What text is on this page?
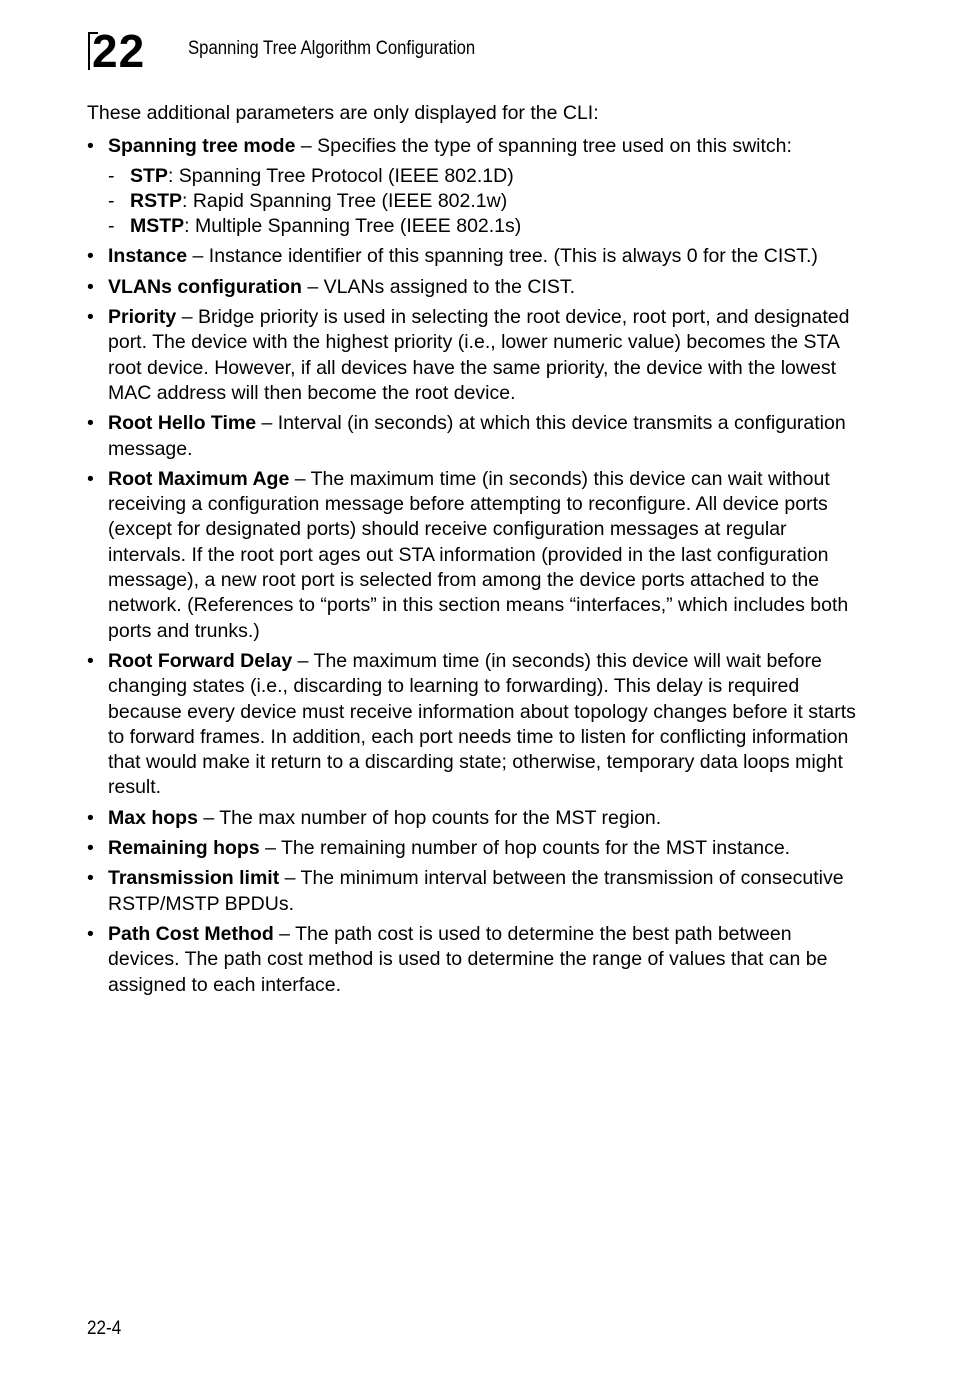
22 Spanning Tree Algorithm Configuration

These additional parameters are only displayed for the CLI:

• Spanning tree mode – Specifies the type of spanning tree used on this switch:
- STP: Spanning Tree Protocol (IEEE 802.1D)
- RSTP: Rapid Spanning Tree (IEEE 802.1w)
- MSTP: Multiple Spanning Tree (IEEE 802.1s)
• Instance – Instance identifier of this spanning tree. (This is always 0 for the CIST.)
• VLANs configuration – VLANs assigned to the CIST.
• Priority – Bridge priority is used in selecting the root device, root port, and designated port. The device with the highest priority (i.e., lower numeric value) becomes the STA root device. However, if all devices have the same priority, the device with the lowest MAC address will then become the root device.
• Root Hello Time – Interval (in seconds) at which this device transmits a configuration message.
• Root Maximum Age – The maximum time (in seconds) this device can wait without receiving a configuration message before attempting to reconfigure. All device ports (except for designated ports) should receive configuration messages at regular intervals. If the root port ages out STA information (provided in the last configuration message), a new root port is selected from among the device ports attached to the network. (References to “ports” in this section means “interfaces,” which includes both ports and trunks.)
• Root Forward Delay – The maximum time (in seconds) this device will wait before changing states (i.e., discarding to learning to forwarding). This delay is required because every device must receive information about topology changes before it starts to forward frames. In addition, each port needs time to listen for conflicting information that would make it return to a discarding state; otherwise, temporary data loops might result.
• Max hops – The max number of hop counts for the MST region.
• Remaining hops – The remaining number of hop counts for the MST instance.
• Transmission limit – The minimum interval between the transmission of consecutive RSTP/MSTP BPDUs.
• Path Cost Method – The path cost is used to determine the best path between devices. The path cost method is used to determine the range of values that can be assigned to each interface.
22-4
